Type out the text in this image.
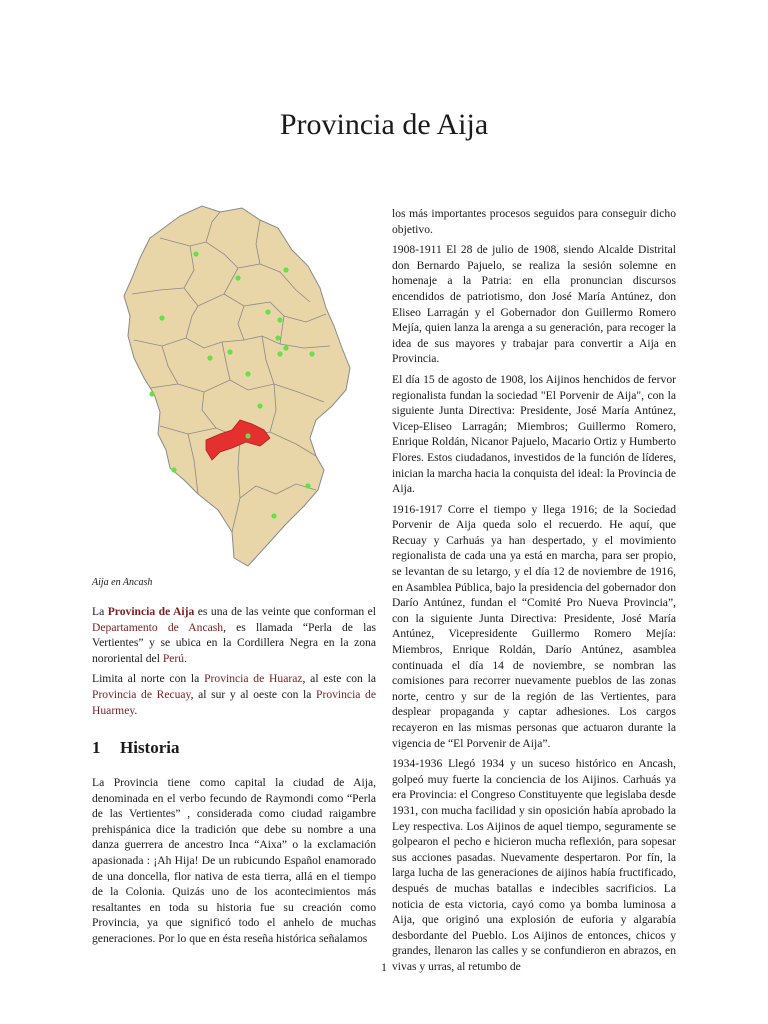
Provincia de Aija
Aija en Ancash

La Provincia de Aija es una de las veinte que conforman el Departamento de Ancash, es llamada “Perla de las Vertientes” y se ubica en la Cordillera Negra en la zona nororiental del Perú.

Limita al norte con la Provincia de Huaraz, al este con la Provincia de Recuay, al sur y al oeste con la Provincia de Huarmey.

1 Historia

La Provincia tiene como capital la ciudad de Aija, denominada en el verbo fecundo de Raymondi como “Perla de las Vertientes” , considerada como ciudad raigambre prehispánica dice la tradición que debe su nombre a una danza guerrera de ancestro Inca “Aixa” o la exclamación apasionada : ¡Ah Hija! De un rubicundo Español enamorado de una doncella, flor nativa de esta tierra, allá en el tiempo de la Colonia. Quizás uno de los acontecimientos más resaltantes en toda su historia fue su creación como Provincia, ya que significó todo el anhelo de muchas generaciones. Por lo que en ésta reseña histórica señalamos

los más importantes procesos seguidos para conseguir dicho objetivo.

1908-1911 El 28 de julio de 1908, siendo Alcalde Distrital don Bernardo Pajuelo, se realiza la sesión solemne en homenaje a la Patria: en ella pronuncian discursos encendidos de patriotismo, don José María Antúnez, don Eliseo Larragán y el Gobernador don Guillermo Romero Mejía, quien lanza la arenga a su generación, para recoger la idea de sus mayores y trabajar para convertir a Aija en Provincia.

El día 15 de agosto de 1908, los Aijinos henchidos de fervor regionalista fundan la sociedad "El Porvenir de Aija", con la siguiente Junta Directiva: Presidente, José María Antúnez, Vicep-Eliseo Larragán; Miembros; Guillermo Romero, Enrique Roldán, Nicanor Pajuelo, Macario Ortiz y Humberto Flores. Estos ciudadanos, investidos de la función de líderes, inician la marcha hacia la conquista del ideal: la Provincia de Aija.

1916-1917 Corre el tiempo y llega 1916; de la Sociedad Porvenir de Aija queda solo el recuerdo. He aquí, que Recuay y Carhuás ya han despertado, y el movimiento regionalista de cada una ya está en marcha, para ser propio, se levantan de su letargo, y el día 12 de noviembre de 1916, en Asamblea Pública, bajo la presidencia del gobernador don Darío Antúnez, fundan el “Comité Pro Nueva Provincia”, con la siguiente Junta Directiva: Presidente, José María Antúnez, Vicepresidente Guillermo Romero Mejía: Miembros, Enrique Roldán, Darío Antúnez, asamblea continuada el día 14 de noviembre, se nombran las comisiones para recorrer nuevamente pueblos de las zonas norte, centro y sur de la región de las Vertientes, para desplear propaganda y captar adhesiones. Los cargos recayeron en las mismas personas que actuaron durante la vigencia de “El Porvenir de Aija”.

1934-1936 Llegó 1934 y un suceso histórico en Ancash, golpeó muy fuerte la conciencia de los Aijinos. Carhuás ya era Provincia: el Congreso Constituyente que legislaba desde 1931, con mucha facilidad y sin oposición había aprobado la Ley respectiva. Los Aijinos de aquel tiempo, seguramente se golpearon el pecho e hicieron mucha reflexión, para sopesar sus acciones pasadas. Nuevamente despertaron. Por fín, la larga lucha de las generaciones de aijinos había fructificado, después de muchas batallas e indecibles sacrificios. La noticia de esta victoria, cayó como ya bomba luminosa a Aija, que originó una explosión de euforia y algarabía desbordante del Pueblo. Los Aijinos de entonces, chicos y grandes, llenaron las calles y se confundieron en abrazos, en vivas y urras, al retumbo de

1
